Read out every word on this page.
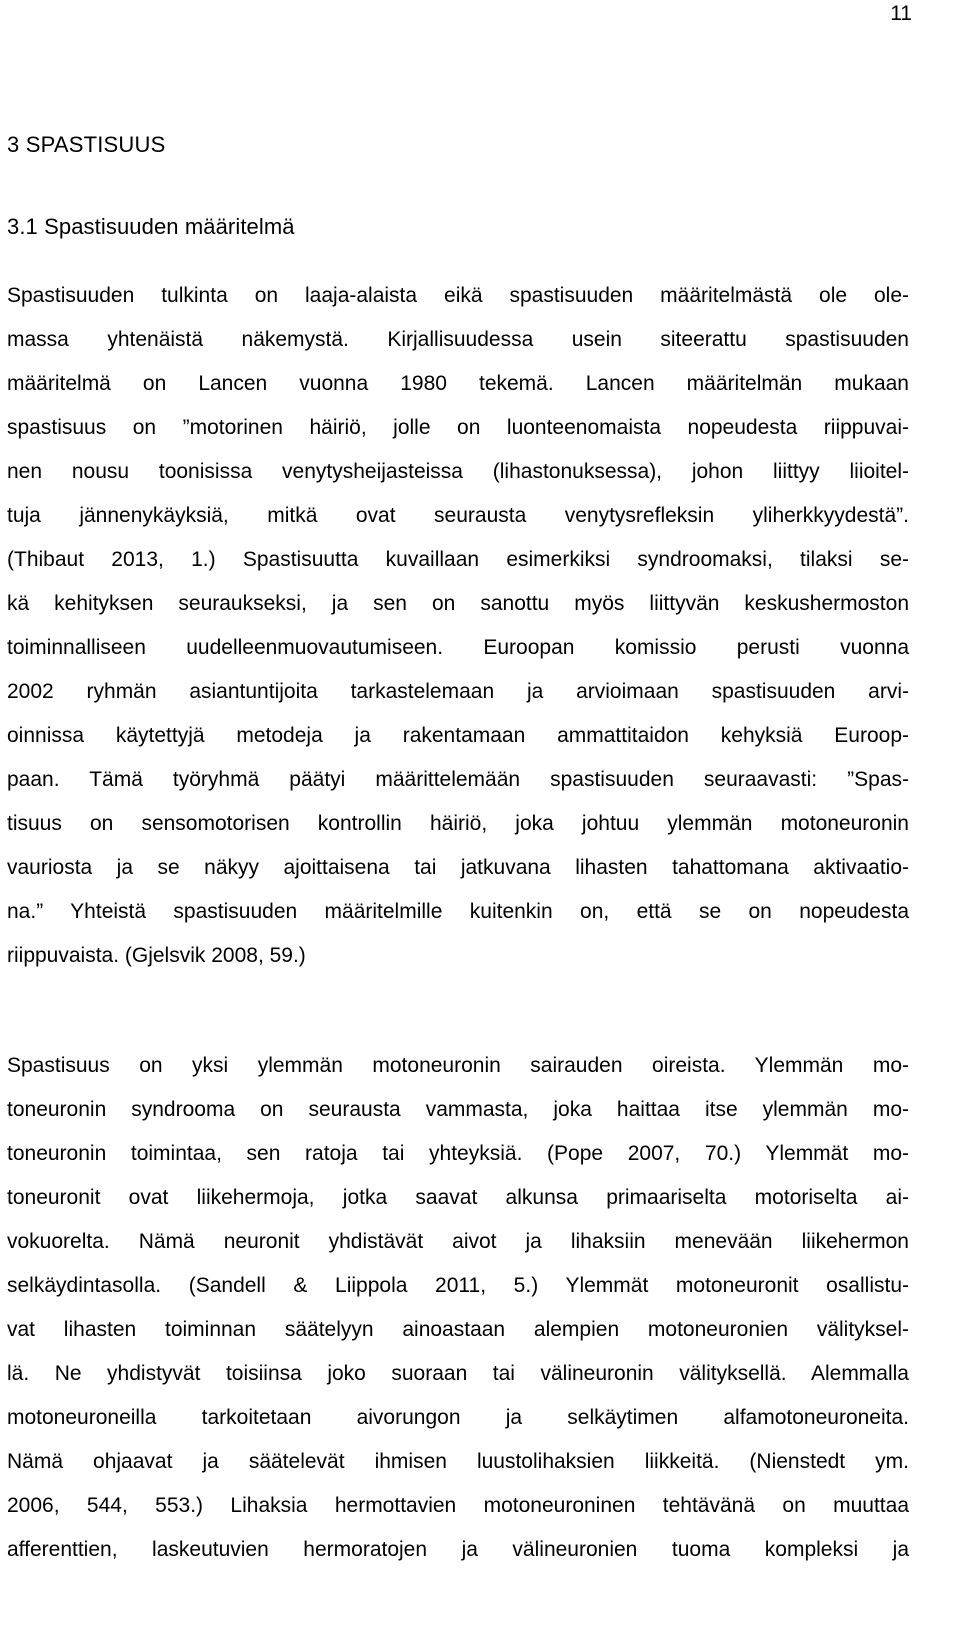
11
3 SPASTISUUS
3.1 Spastisuuden määritelmä
Spastisuuden tulkinta on laaja-alaista eikä spastisuuden määritelmästä ole ole-
massa yhtenäistä näkemystä. Kirjallisuudessa usein siteerattu spastisuuden
määritelmä on Lancen vuonna 1980 tekemä. Lancen määritelmän mukaan
spastisuus on ”motorinen häiriö, jolle on luonteenomaista nopeudesta riippuvai-
nen nousu toonisissa venytysheijasteissa (lihastonuksessa), johon liittyy liioitel-
tuja jännenykäyksiä, mitkä ovat seurausta venytysrefleksin yliherkkyydestä”.
(Thibaut 2013, 1.) Spastisuutta kuvaillaan esimerkiksi syndroomaksi, tilaksi se-
kä kehityksen seuraukseksi, ja sen on sanottu myös liittyvän keskushermoston
toiminnalliseen uudelleenmuovautumiseen. Euroopan komissio perusti vuonna
2002 ryhmän asiantuntijoita tarkastelemaan ja arvioimaan spastisuuden arvi-
oinnissa käytettyjä metodeja ja rakentamaan ammattitaidon kehyksiä Euroop-
paan. Tämä työryhmä päätyi määrittelemään spastisuuden seuraavasti: ”Spas-
tisuus on sensomotorisen kontrollin häiriö, joka johtuu ylemmän motoneuronin
vauriosta ja se näkyy ajoittaisena tai jatkuvana lihasten tahattomana aktivaatio-
na.” Yhteistä spastisuuden määritelmille kuitenkin on, että se on nopeudesta
riippuvaista. (Gjelsvik 2008, 59.)
Spastisuus on yksi ylemmän motoneuronin sairauden oireista. Ylemmän mo-
toneuronin syndrooma on seurausta vammasta, joka haittaa itse ylemmän mo-
toneuronin toimintaa, sen ratoja tai yhteyksiä. (Pope 2007, 70.) Ylemmät mo-
toneuronit ovat liikehermoja, jotka saavat alkunsa primaariselta motoriselta ai-
vokuorelta. Nämä neuronit yhdistävät aivot ja lihaksiin menevään liikehermon
selkäydintasolla. (Sandell & Liippola 2011, 5.) Ylemmät motoneuronit osallistu-
vat lihasten toiminnan säätelyyn ainoastaan alempien motoneuronien välityksel-
lä. Ne yhdistyvät toisiinsa joko suoraan tai välineuronin välityksellä. Alemmalla
motoneuroneilla tarkoitetaan aivorungon ja selkäytimen alfamotoneuroneita.
Nämä ohjaavat ja säätelevät ihmisen luustolihaksien liikkeitä. (Nienstedt ym.
2006, 544, 553.) Lihaksia hermottavien motoneuroninen tehtävänä on muuttaa
afferenttien, laskeutuvien hermoratojen ja välineuronien tuoma kompleksi ja
